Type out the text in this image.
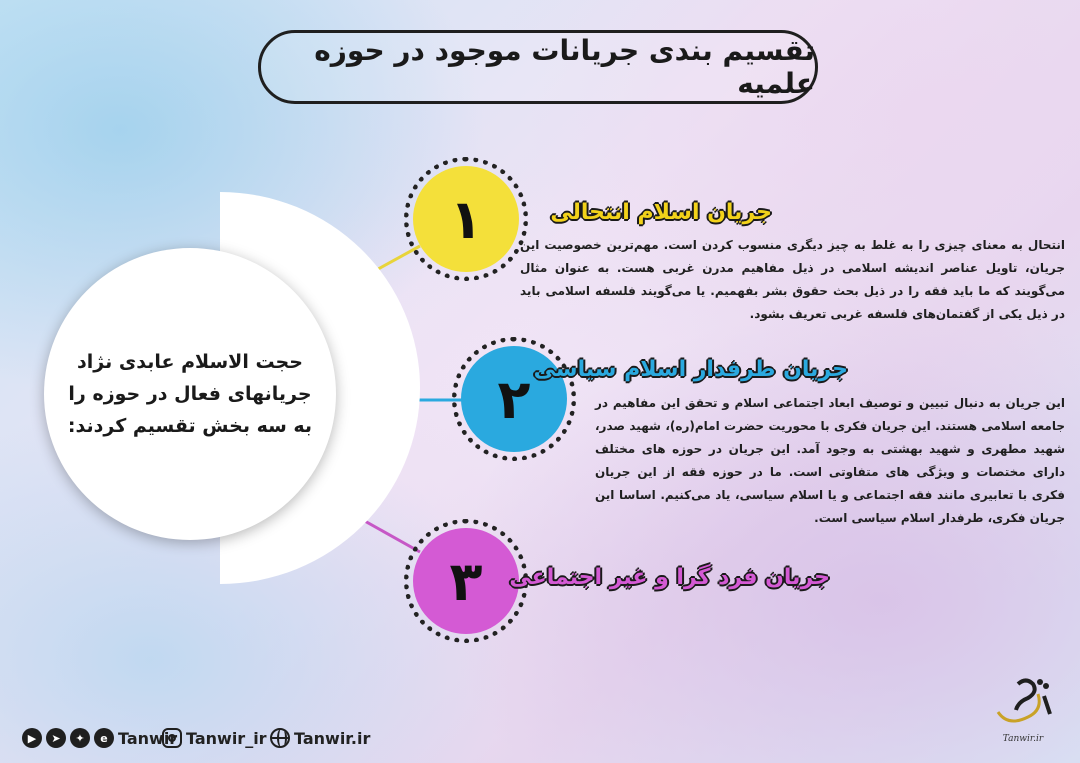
تقسیم بندی جریانات موجود در حوزه علمیه
حجت الاسلام عابدی نژاد جریانهای فعال در حوزه را به سه بخش تقسیم کردند:
١
٢
٣
جریان اسلام انتحالی
جریان طرفدار اسلام سیاسی
جریان فرد گرا و غیر اجتماعی
انتحال به معنای چیزی را به غلط به چیز دیگری منسوب کردن است. مهم‌ترین خصوصیت این جریان، تاویل عناصر اندیشه اسلامی در ذیل مفاهیم مدرن غربی هست. به عنوان مثال می‌گویند که ما باید فقه را در ذیل بحث حقوق بشر بفهمیم. یا می‌گویند فلسفه اسلامی باید در ذیل یکی از گفتمان‌های فلسفه غربی تعریف بشود.
این جریان به دنبال تبیین و توصیف ابعاد اجتماعی اسلام و تحقق این مفاهیم در جامعه اسلامی هستند. این جریان فکری با محوریت حضرت امام(ره)، شهید صدر، شهید مطهری و شهید بهشتی به وجود آمد. این جریان در حوزه های مختلف دارای مختصات و ویژگی های متفاوتی است. ما در حوزه فقه از این جریان فکری با تعابیری مانند فقه اجتماعی و یا اسلام سیاسی، یاد می‌کنیم. اساسا این جریان فکری، طرفدار اسلام سیاسی است.
▶	➤	✦	e Tanwir Tanwir_ir Tanwir.ir	Tanwir.ir
